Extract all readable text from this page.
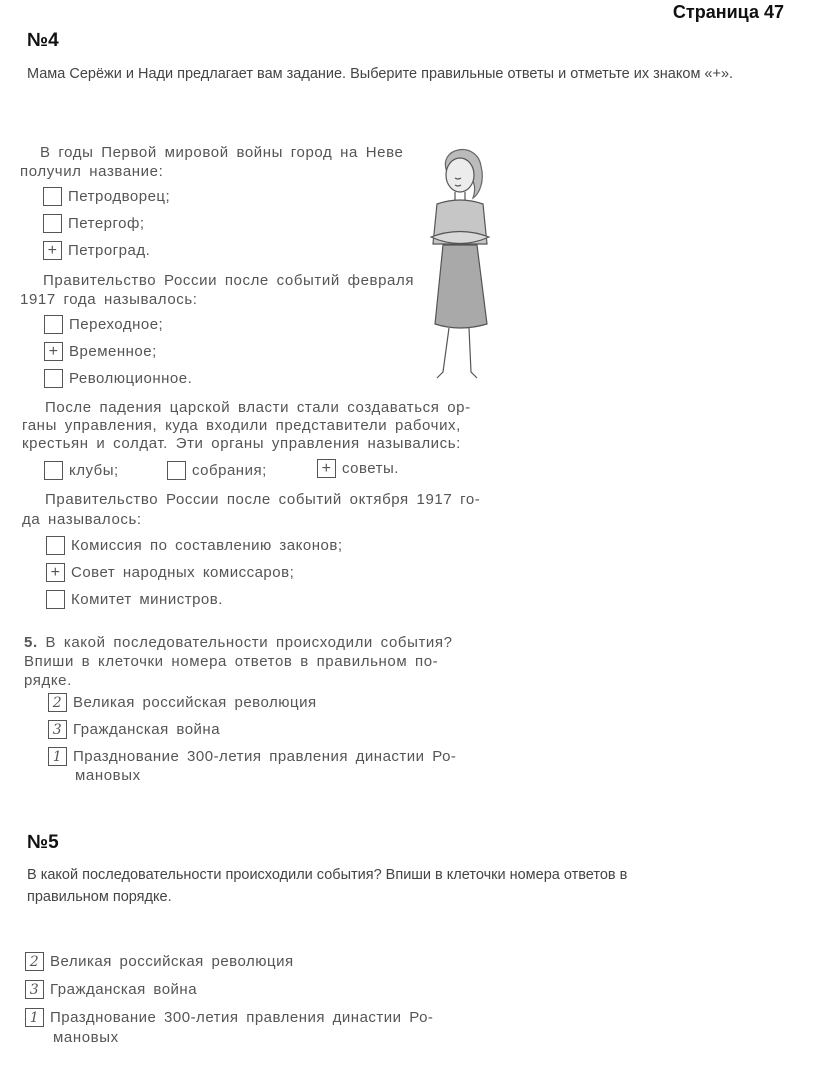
Страница 47
№4
Мама Серёжи и Нади предлагает вам задание. Выберите правильные ответы и отметьте их знаком «+».
В годы Первой мировой войны город на Неве
получил название:
Петродворец;
Петергоф;
+ Петроград.
Правительство России после событий февраля
1917 года называлось:
Переходное;
+ Временное;
Революционное.
После падения царской власти стали создаваться ор-
ганы управления, куда входили представители рабочих,
крестьян и солдат. Эти органы управления назывались:
клубы;	собрания;	+ советы.
Правительство России после событий октября 1917 го-
да называлось:
Комиссия по составлению законов;
+ Совет народных комиссаров;
Комитет министров.
5. В какой последовательности происходили события?
Впиши в клеточки номера ответов в правильном по-
рядке.
2 Великая российская революция
3 Гражданская война
1 Празднование 300-летия правления династии Ро-
мановых
№5
В какой последовательности происходили события? Впиши в клеточки номера ответов в
правильном порядке.
2 Великая российская революция
3 Гражданская война
1 Празднование 300-летия правления династии Ро-
мановых
